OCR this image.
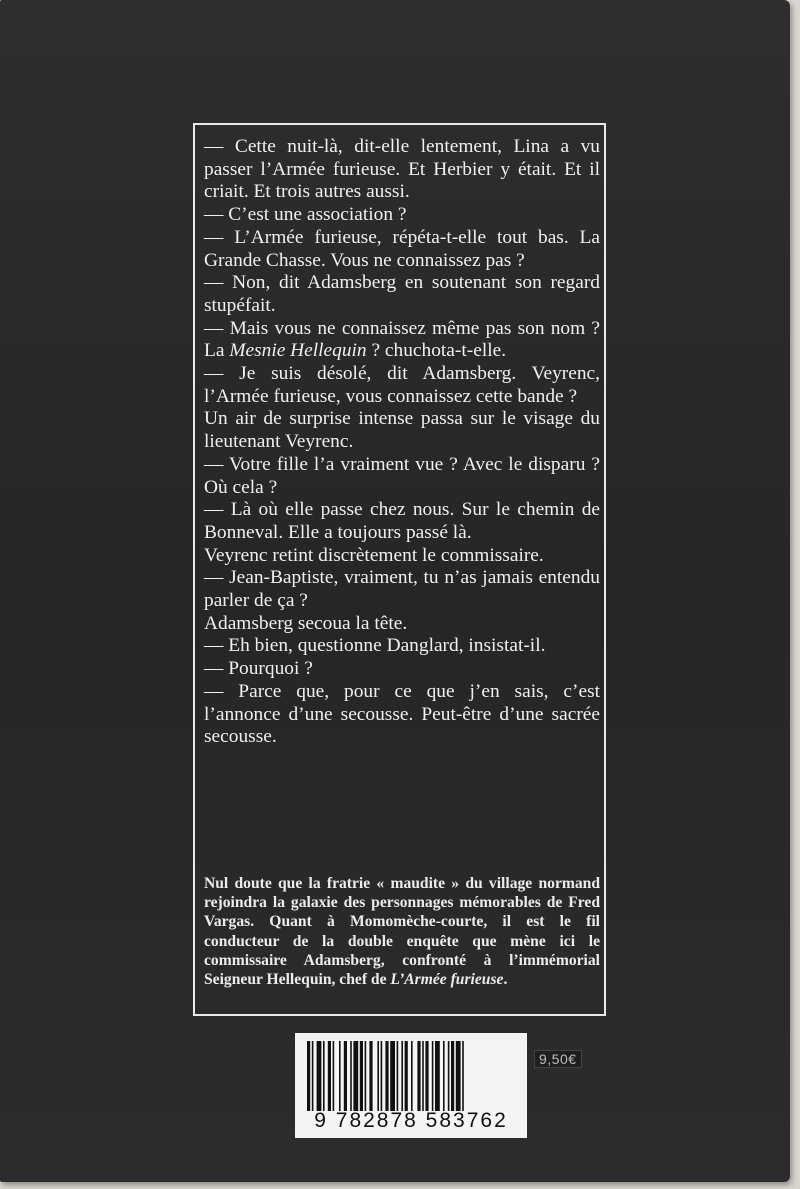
— Cette nuit-là, dit-elle lentement, Lina a vu passer l’Armée furieuse. Et Herbier y était. Et il criait. Et trois autres aussi.

— C’est une association ?

— L’Armée furieuse, répéta-t-elle tout bas. La Grande Chasse. Vous ne connaissez pas ?

— Non, dit Adamsberg en soutenant son regard stupéfait.

— Mais vous ne connaissez même pas son nom ? La Mesnie Hellequin ? chuchota-t-elle.

— Je suis désolé, dit Adamsberg. Veyrenc, l’Armée furieuse, vous connaissez cette bande ?

Un air de surprise intense passa sur le visage du lieutenant Veyrenc.

— Votre fille l’a vraiment vue ? Avec le disparu ? Où cela ?

— Là où elle passe chez nous. Sur le chemin de Bonneval. Elle a toujours passé là.

Veyrenc retint discrètement le commissaire.

— Jean-Baptiste, vraiment, tu n’as jamais entendu parler de ça ?

Adamsberg secoua la tête.

— Eh bien, questionne Danglard, insistat-il.

— Pourquoi ?

— Parce que, pour ce que j’en sais, c’est l’annonce d’une secousse. Peut-être d’une sacrée secousse.

Nul doute que la fratrie « maudite » du village normand rejoindra la galaxie des personnages mémorables de Fred Vargas. Quant à Momomèche-courte, il est le fil conducteur de la double enquête que mène ici le commissaire Adamsberg, confronté à l’immémorial Seigneur Hellequin, chef de L’Armée furieuse.
9 782878 583762
9,50€
